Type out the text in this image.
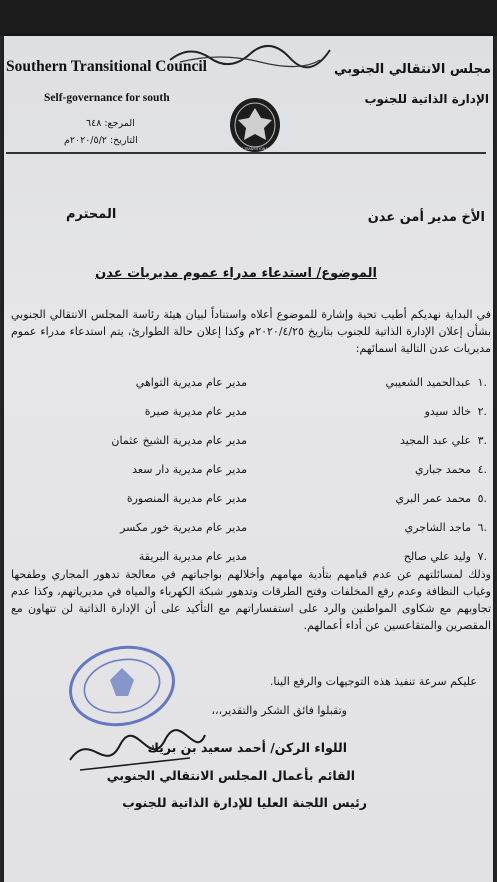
Southern Transitional Council
Self-governance for south
مجلس الانتقالي الجنوبي
الإدارة الذاتية للجنوب
المرجع: ٦٤٨
التاريخ: ٢٠٢٠/٥/٢م
SOUTHERN TRANSITIONAL COUNCIL
الأخ مدير أمن عدن
المحترم
الموضوع/ استدعاء مدراء عموم مديريات عدن
في البداية نهديكم أطيب تحية وإشارة للموضوع أعلاه واستناداً لبيان هيئة رئاسة المجلس الانتقالي الجنوبي بشأن إعلان الإدارة الذاتية للجنوب بتاريخ ٢٠٢٠/٤/٢٥م وكذا إعلان حالة الطوارئ، يتم استدعاء مدراء عموم مديريات عدن التالية اسمائهم:
.١
عبدالحميد الشعيبي
مدير عام مديرية التواهي
.٢
خالد سيدو
مدير عام مديرية صيرة
.٣
علي عبد المجيد
مدير عام مديرية الشيخ عثمان
.٤
محمد جباري
مدير عام مديرية دار سعد
.٥
محمد عمر البري
مدير عام مديرية المنصورة
.٦
ماجد الشاجري
مدير عام مديرية خور مكسر
.٧
وليد علي صالح
مدير عام مديرية البريقة
وذلك لمسائلتهم عن عدم قيامهم بتأدية مهامهم وأخلالهم بواجباتهم في معالجة تدهور المجاري وطفحها وغياب النظافة وعدم رفع المخلفات وفتح الطرقات وتدهور شبكة الكهرباء والمياه في مديرياتهم، وكذا عدم تجاوبهم مع شكاوى المواطنين والرد على استفساراتهم مع التأكيد على أن الإدارة الذاتية لن تتهاون مع المقصرين والمتقاعسين عن أداء أعمالهم.
عليكم سرعة تنفيذ هذه التوجيهات والرفع الينا.
وتقبلوا فائق الشكر والتقدير،،،
اللواء الركن/ أحمد سعيد بن بريك
القائم بأعمال المجلس الانتقالي الجنوبي
رئيس اللجنة العليا للإدارة الذاتية للجنوب
